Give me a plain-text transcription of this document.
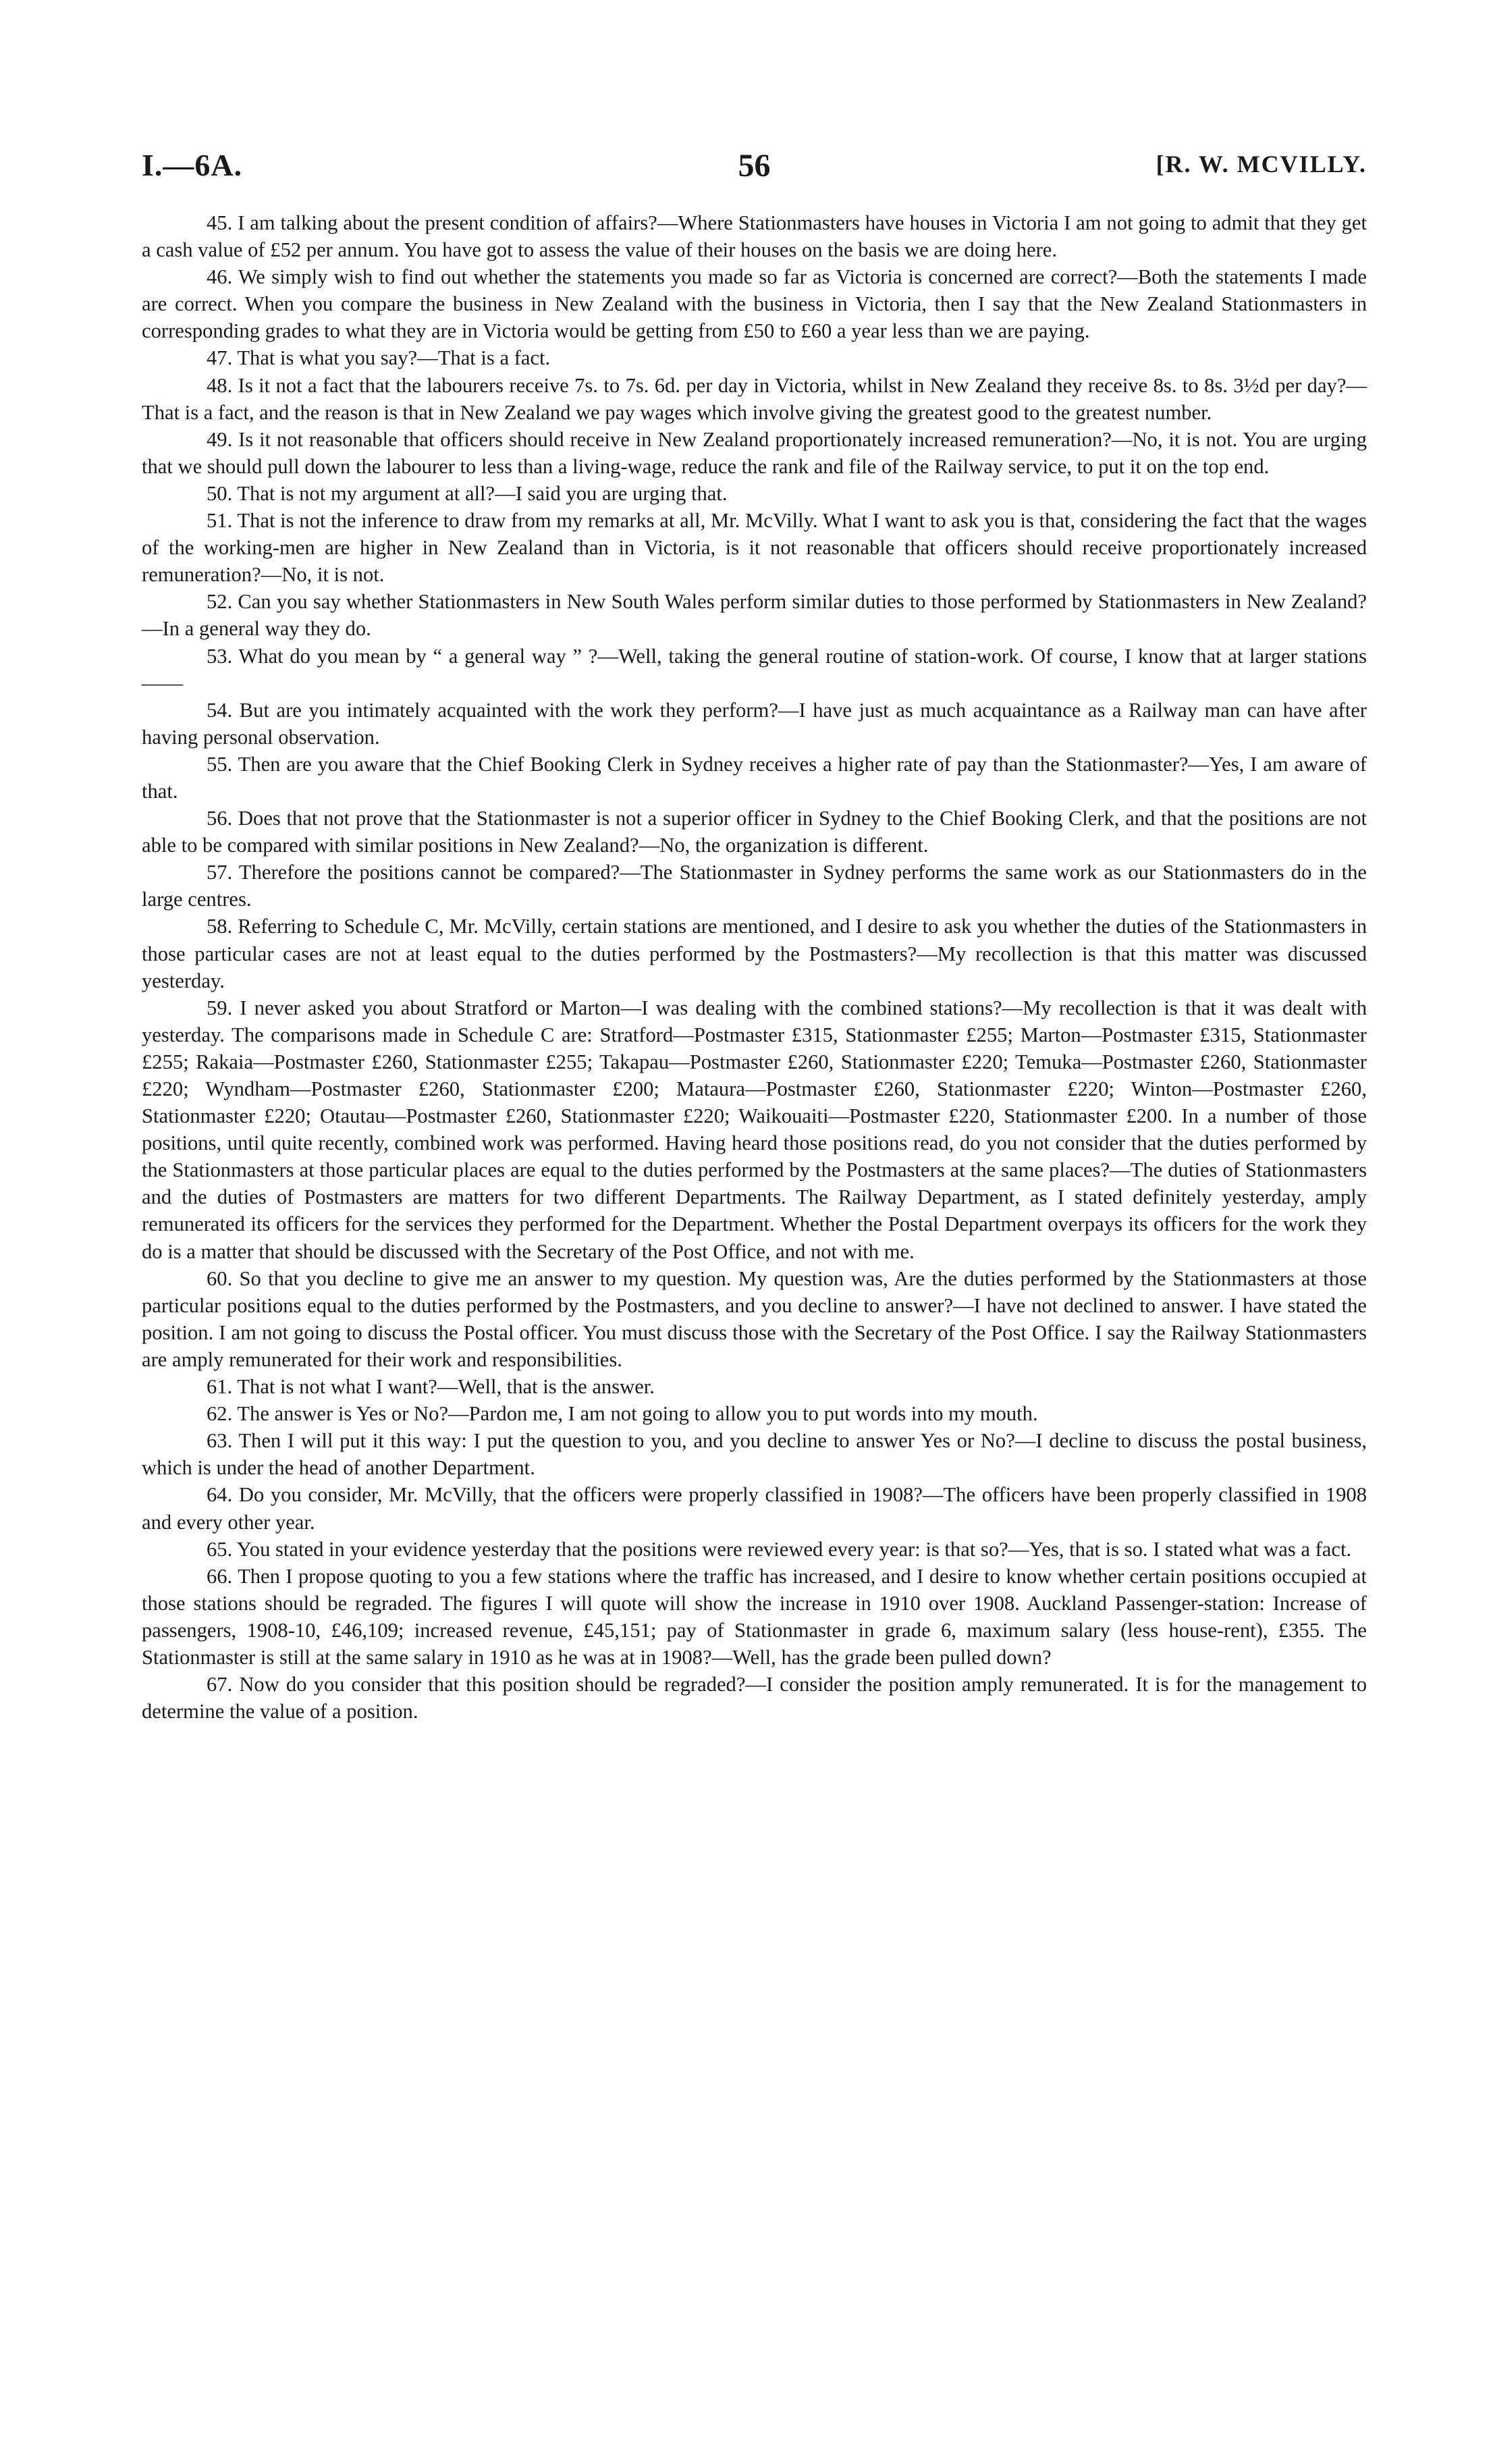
I.—6A.	56	[R. W. MCVILLY.

45. I am talking about the present condition of affairs?—Where Stationmasters have houses in Victoria I am not going to admit that they get a cash value of £52 per annum. You have got to assess the value of their houses on the basis we are doing here.

46. We simply wish to find out whether the statements you made so far as Victoria is concerned are correct?—Both the statements I made are correct. When you compare the business in New Zealand with the business in Victoria, then I say that the New Zealand Stationmasters in corresponding grades to what they are in Victoria would be getting from £50 to £60 a year less than we are paying.

47. That is what you say?—That is a fact.

48. Is it not a fact that the labourers receive 7s. to 7s. 6d. per day in Victoria, whilst in New Zealand they receive 8s. to 8s. 3½d per day?—That is a fact, and the reason is that in New Zealand we pay wages which involve giving the greatest good to the greatest number.

49. Is it not reasonable that officers should receive in New Zealand proportionately increased remuneration?—No, it is not. You are urging that we should pull down the labourer to less than a living-wage, reduce the rank and file of the Railway service, to put it on the top end.

50. That is not my argument at all?—I said you are urging that.

51. That is not the inference to draw from my remarks at all, Mr. McVilly. What I want to ask you is that, considering the fact that the wages of the working-men are higher in New Zealand than in Victoria, is it not reasonable that officers should receive proportionately increased remuneration?—No, it is not.

52. Can you say whether Stationmasters in New South Wales perform similar duties to those performed by Stationmasters in New Zealand?—In a general way they do.

53. What do you mean by “ a general way ” ?—Well, taking the general routine of station-work. Of course, I know that at larger stations——

54. But are you intimately acquainted with the work they perform?—I have just as much acquaintance as a Railway man can have after having personal observation.

55. Then are you aware that the Chief Booking Clerk in Sydney receives a higher rate of pay than the Stationmaster?—Yes, I am aware of that.

56. Does that not prove that the Stationmaster is not a superior officer in Sydney to the Chief Booking Clerk, and that the positions are not able to be compared with similar positions in New Zealand?—No, the organization is different.

57. Therefore the positions cannot be compared?—The Stationmaster in Sydney performs the same work as our Stationmasters do in the large centres.

58. Referring to Schedule C, Mr. McVilly, certain stations are mentioned, and I desire to ask you whether the duties of the Stationmasters in those particular cases are not at least equal to the duties performed by the Postmasters?—My recollection is that this matter was discussed yesterday.

59. I never asked you about Stratford or Marton—I was dealing with the combined stations?—My recollection is that it was dealt with yesterday. The comparisons made in Schedule C are: Stratford—Postmaster £315, Stationmaster £255; Marton—Postmaster £315, Stationmaster £255; Rakaia—Postmaster £260, Stationmaster £255; Takapau—Postmaster £260, Stationmaster £220; Temuka—Postmaster £260, Stationmaster £220; Wyndham—Postmaster £260, Stationmaster £200; Mataura—Postmaster £260, Stationmaster £220; Winton—Postmaster £260, Stationmaster £220; Otautau—Postmaster £260, Stationmaster £220; Waikouaiti—Postmaster £220, Stationmaster £200. In a number of those positions, until quite recently, combined work was performed. Having heard those positions read, do you not consider that the duties performed by the Stationmasters at those particular places are equal to the duties performed by the Postmasters at the same places?—The duties of Stationmasters and the duties of Postmasters are matters for two different Departments. The Railway Department, as I stated definitely yesterday, amply remunerated its officers for the services they performed for the Department. Whether the Postal Department overpays its officers for the work they do is a matter that should be discussed with the Secretary of the Post Office, and not with me.

60. So that you decline to give me an answer to my question. My question was, Are the duties performed by the Stationmasters at those particular positions equal to the duties performed by the Postmasters, and you decline to answer?—I have not declined to answer. I have stated the position. I am not going to discuss the Postal officer. You must discuss those with the Secretary of the Post Office. I say the Railway Stationmasters are amply remunerated for their work and responsibilities.

61. That is not what I want?—Well, that is the answer.

62. The answer is Yes or No?—Pardon me, I am not going to allow you to put words into my mouth.

63. Then I will put it this way: I put the question to you, and you decline to answer Yes or No?—I decline to discuss the postal business, which is under the head of another Department.

64. Do you consider, Mr. McVilly, that the officers were properly classified in 1908?—The officers have been properly classified in 1908 and every other year.

65. You stated in your evidence yesterday that the positions were reviewed every year: is that so?—Yes, that is so. I stated what was a fact.

66. Then I propose quoting to you a few stations where the traffic has increased, and I desire to know whether certain positions occupied at those stations should be regraded. The figures I will quote will show the increase in 1910 over 1908. Auckland Passenger-station: Increase of passengers, 1908-10, £46,109; increased revenue, £45,151; pay of Stationmaster in grade 6, maximum salary (less house-rent), £355. The Stationmaster is still at the same salary in 1910 as he was at in 1908?—Well, has the grade been pulled down?

67. Now do you consider that this position should be regraded?—I consider the position amply remunerated. It is for the management to determine the value of a position.
